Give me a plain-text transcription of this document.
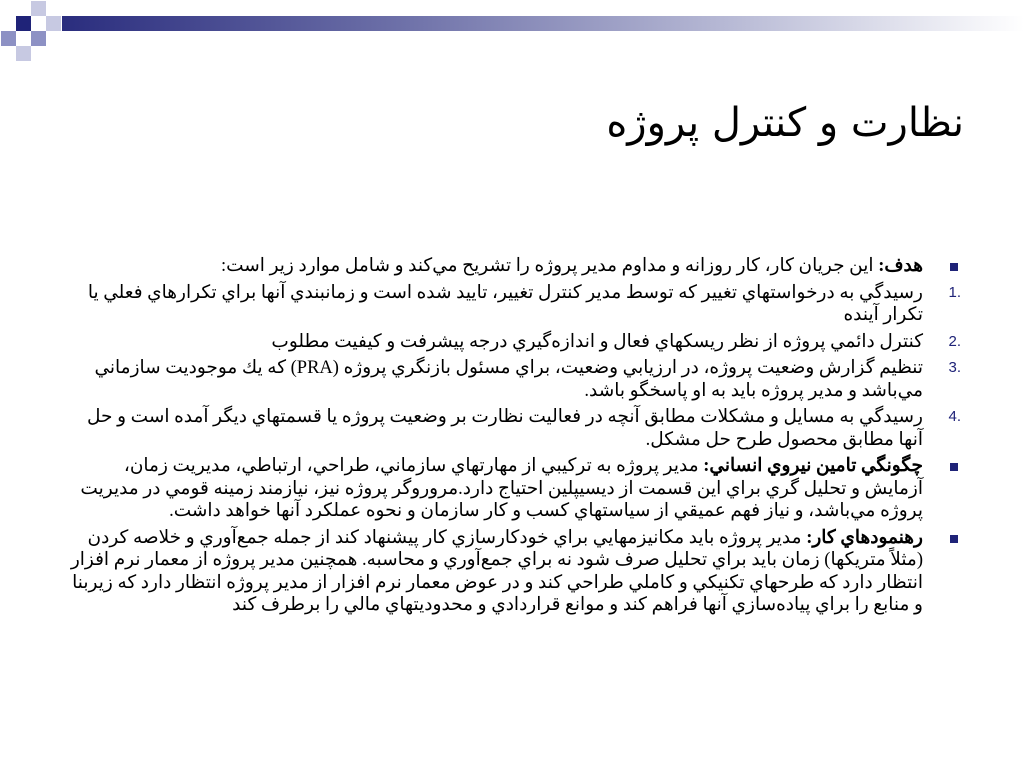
نظارت و کنترل پروژه
هدف: اين جريان كار، كار روزانه و مداوم مدير پروژه را تشريح مي‌كند و شامل موارد زير است:
1.
رسيدگي به درخواستهاي تغيير كه توسط مدير كنترل تغيير، تاييد شده است و زمانبندي آنها براي تكرارهاي فعلي يا تكرار آينده
2.
كنترل دائمي پروژه از نظر ريسكهاي فعال و اندازه‌گيري درجه پيشرفت و كيفيت مطلوب
3.
تنظيم گزارش وضعيت پروژه، در ارزيابي وضعيت، براي مسئول بازنگري پروژه (PRA) كه يك موجوديت سازماني مي‌باشد و مدير پروژه بايد به او پاسخگو باشد.
4.
رسيدگي به مسايل و مشكلات مطابق آنچه در فعاليت نظارت بر وضعيت پروژه يا قسمتهاي ديگر آمده است و حل آنها مطابق محصول طرح حل مشكل.
چگونگي تامين نيروي انساني: مدير پروژه به تركيبي از مهارتهاي سازماني، طراحي، ارتباطي، مديريت زمان، آزمايش و تحليل گري براي اين قسمت از ديسيپلين احتياج دارد.مروروگر پروژه نيز، نيازمند زمينه قومي در مديريت پروژه مي‌باشد، و نياز فهم عميقي از سياستهاي كسب و كار سازمان و نحوه عملكرد آنها خواهد داشت.
رهنمودهاي كار: مدير پروژه بايد مكانيزمهايي براي خودكارسازي كار پيشنهاد كند از جمله جمع‌آوري و خلاصه كردن (مثلاً متريكها) زمان بايد براي تحليل صرف شود نه براي جمع‌آوري و محاسبه. همچنين مدير پروژه از معمار نرم افزار انتظار دارد كه طرحهاي تكنيكي و كاملي طراحي كند و در عوض معمار نرم افزار از مدير پروژه انتظار دارد كه زيربنا و منابع را براي پياده‌سازي آنها فراهم كند و موانع قراردادي و محدوديتهاي مالي را برطرف كند
